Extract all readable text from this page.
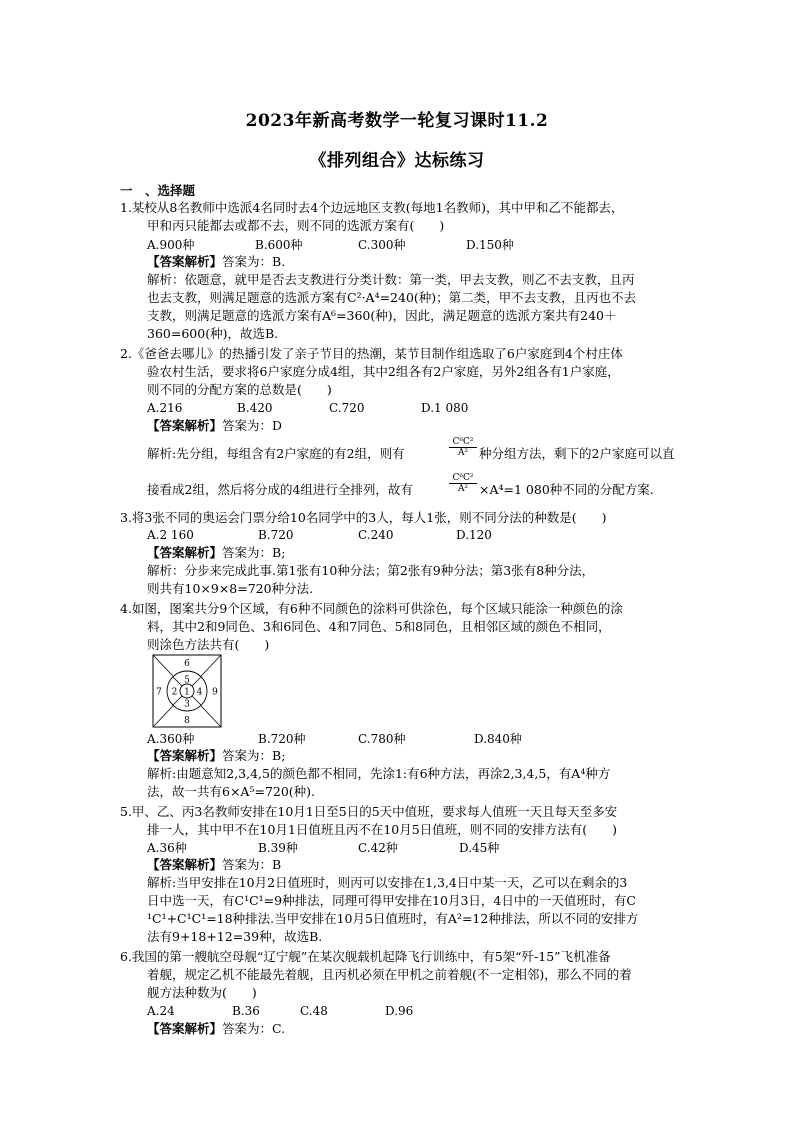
2023年新高考数学一轮复习课时11.2
《排列组合》达标练习
一　、选择题
1.某校从8名教师中选派4名同时去4个边远地区支教(每地1名教师)，其中甲和乙不能都去，
甲和丙只能都去或都不去，则不同的选派方案有(　　)
A.900种	B.600种	C.300种	D.150种
【答案解析】答案为：B.
解析：依题意，就甲是否去支教进行分类计数：第一类，甲去支教，则乙不去支教，且丙
也去支教，则满足题意的选派方案有C²·A⁴=240(种)；第二类，甲不去支教，且丙也不去
支教，则满足题意的选派方案有A⁶=360(种)，因此，满足题意的选派方案共有240＋
360=600(种)，故选B.
2.《爸爸去哪儿》的热播引发了亲子节目的热潮，某节目制作组选取了6户家庭到4个村庄体
验农村生活，要求将6户家庭分成4组，其中2组各有2户家庭，另外2组各有1户家庭，
则不同的分配方案的总数是(　　)
A.216	B.420	C.720	D.1 080
【答案解析】答案为：D
解析:先分组，每组含有2户家庭的有2组，则有	$\frac{\text{C⁶C²}}{\text{A²}}$ 种分组方法，剩下的2户家庭可以直
接看成2组，然后将分成的4组进行全排列，故有	$\frac{\text{C⁶C²}}{\text{A²}} \times A^4=1$ 080种不同的分配方案.
3.将3张不同的奥运会门票分给10名同学中的3人，每人1张，则不同分法的种数是(　　)
A.2 160	B.720	C.240	D.120
【答案解析】答案为：B;
解析：分步来完成此事.第1张有10种分法；第2张有9种分法；第3张有8种分法，
则共有10×9×8=720种分法.
4.如图，图案共分9个区域，有6种不同颜色的涂料可供涂色，每个区域只能涂一种颜色的涂
料，其中2和9同色、3和6同色、4和7同色、5和8同色，且相邻区域的颜色不相同，
则涂色方法共有(　　)
1
2
3
4
5
6
7
8
9
A.360种	B.720种	C.780种	D.840种
【答案解析】答案为：B;
解析:由题意知2,3,4,5的颜色都不相同，先涂1:有6种方法，再涂2,3,4,5，有A⁴种方
法，故一共有6×A⁵=720(种).
5.甲、乙、丙3名教师安排在10月1日至5日的5天中值班，要求每人值班一天且每天至多安
排一人，其中甲不在10月1日值班且丙不在10月5日值班，则不同的安排方法有(　　)
A.36种	B.39种	C.42种	D.45种
【答案解析】答案为：B
解析:当甲安排在10月2日值班时，则丙可以安排在1,3,4日中某一天，乙可以在剩余的3
日中选一天，有C¹C¹=9种排法，同理可得甲安排在10月3日，4日中的一天值班时，有C
¹C¹+C¹C¹=18种排法.当甲安排在10月5日值班时，有A²=12种排法，所以不同的安排方
法有9+18+12=39种，故选B.
6.我国的第一艘航空母舰“辽宁舰”在某次舰载机起降飞行训练中，有5架“歼-15”飞机准备
着舰，规定乙机不能最先着舰，且丙机必须在甲机之前着舰(不一定相邻)，那么不同的着
舰方法种数为(　　)
A.24	B.36	C.48	D.96
【答案解析】答案为：C.
